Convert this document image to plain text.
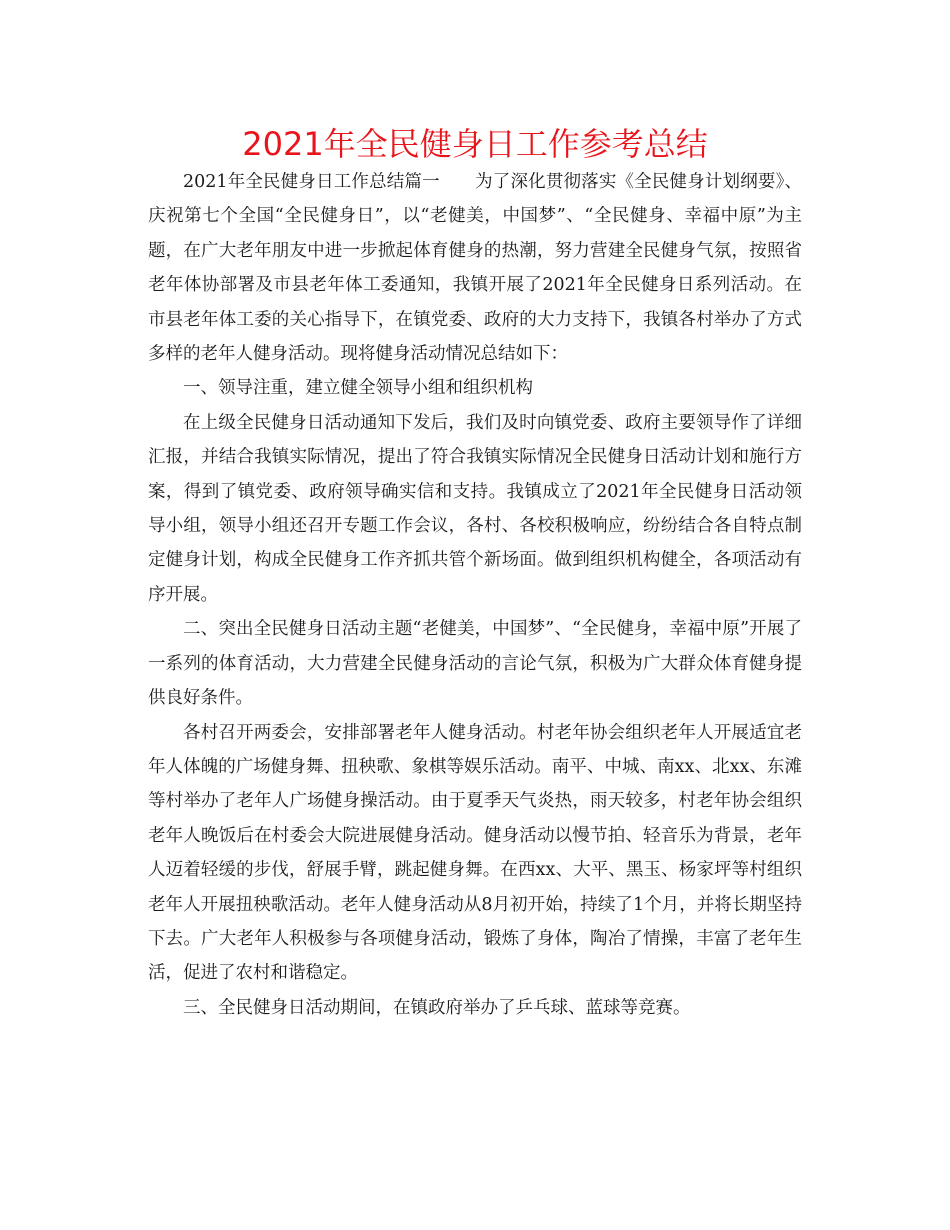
2021年全民健身日工作参考总结

2021年全民健身日工作总结篇一　　为了深化贯彻落实《全民健身计划纲要》、庆祝第七个全国“全民健身日”，以“老健美，中国梦”、“全民健身、幸福中原”为主题，在广大老年朋友中进一步掀起体育健身的热潮，努力营建全民健身气氛，按照省老年体协部署及市县老年体工委通知，我镇开展了2021年全民健身日系列活动。在市县老年体工委的关心指导下，在镇党委、政府的大力支持下，我镇各村举办了方式多样的老年人健身活动。现将健身活动情况总结如下：

一、领导注重，建立健全领导小组和组织机构

在上级全民健身日活动通知下发后，我们及时向镇党委、政府主要领导作了详细汇报，并结合我镇实际情况，提出了符合我镇实际情况全民健身日活动计划和施行方案，得到了镇党委、政府领导确实信和支持。我镇成立了2021年全民健身日活动领导小组，领导小组还召开专题工作会议，各村、各校积极响应，纷纷结合各自特点制定健身计划，构成全民健身工作齐抓共管个新场面。做到组织机构健全，各项活动有序开展。

二、突出全民健身日活动主题“老健美，中国梦”、“全民健身，幸福中原”开展了一系列的体育活动，大力营建全民健身活动的言论气氛，积极为广大群众体育健身提供良好条件。

各村召开两委会，安排部署老年人健身活动。村老年协会组织老年人开展适宜老年人体魄的广场健身舞、扭秧歌、象棋等娱乐活动。南平、中城、南xx、北xx、东滩等村举办了老年人广场健身操活动。由于夏季天气炎热，雨天较多，村老年协会组织老年人晚饭后在村委会大院进展健身活动。健身活动以慢节拍、轻音乐为背景，老年人迈着轻缓的步伐，舒展手臂，跳起健身舞。在西xx、大平、黑玉、杨家坪等村组织老年人开展扭秧歌活动。老年人健身活动从8月初开始，持续了1个月，并将长期坚持下去。广大老年人积极参与各项健身活动，锻炼了身体，陶冶了情操，丰富了老年生活，促进了农村和谐稳定。

三、全民健身日活动期间，在镇政府举办了乒乓球、蓝球等竞赛。
